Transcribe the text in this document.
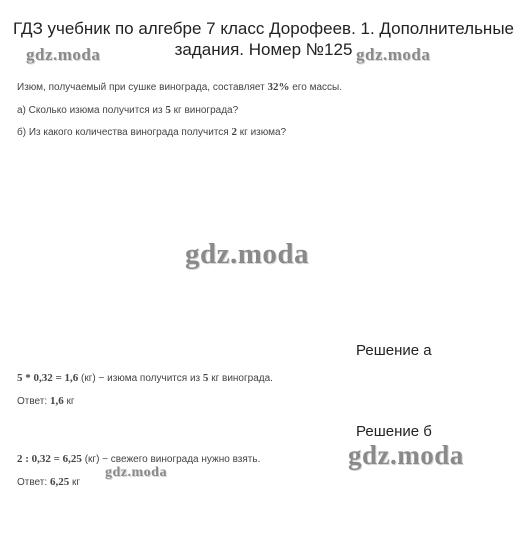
ГДЗ учебник по алгебре 7 класс Дорофеев. 1. Дополнительные задания. Номер №125
gdz.moda	gdz.moda
Изюм, получаемый при сушке винограда, составляет 32% его массы.
а) Сколько изюма получится из 5 кг винограда?
б) Из какого количества винограда получится 2 кг изюма?
gdz.moda
Решение а
5 * 0,32 = 1,6 (кг) − изюма получится из 5 кг винограда.
Ответ: 1,6 кг
Решение б
gdz.moda
2 : 0,32 = 6,25 (кг) − свежего винограда нужно взять.
gdz.moda
Ответ: 6,25 кг
